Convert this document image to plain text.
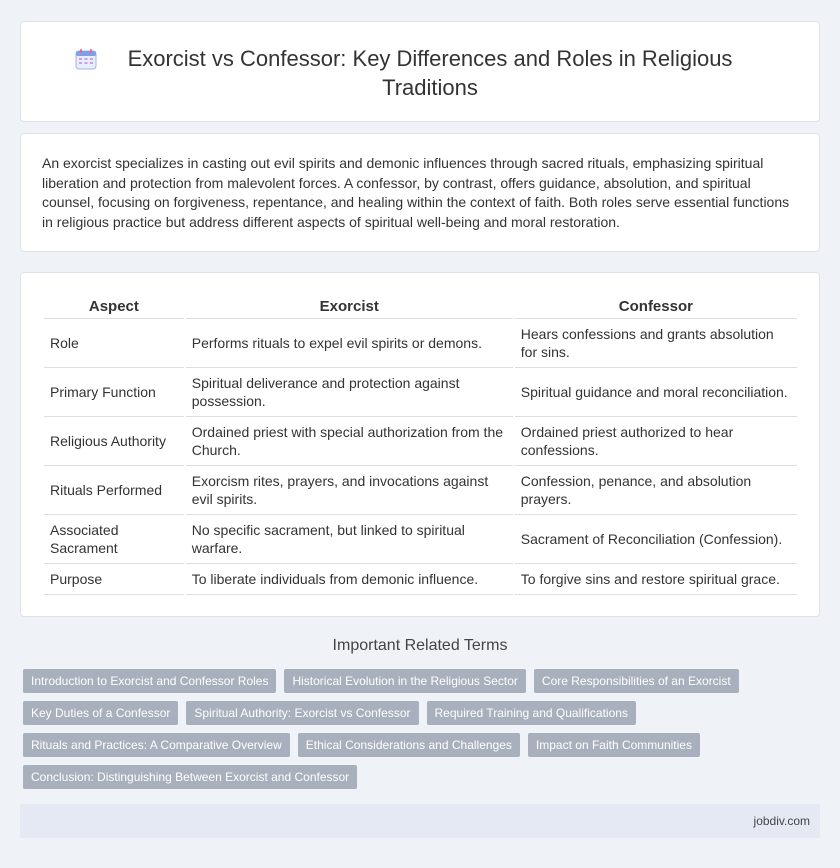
Exorcist vs Confessor: Key Differences and Roles in Religious Traditions

An exorcist specializes in casting out evil spirits and demonic influences through sacred rituals, emphasizing spiritual liberation and protection from malevolent forces. A confessor, by contrast, offers guidance, absolution, and spiritual counsel, focusing on forgiveness, repentance, and healing within the context of faith. Both roles serve essential functions in religious practice but address different aspects of spiritual well-being and moral restoration.

Aspect	Exorcist	Confessor
Role	Performs rituals to expel evil spirits or demons.	Hears confessions and grants absolution for sins.
Primary Function	Spiritual deliverance and protection against possession.	Spiritual guidance and moral reconciliation.
Religious Authority	Ordained priest with special authorization from the Church.	Ordained priest authorized to hear confessions.
Rituals Performed	Exorcism rites, prayers, and invocations against evil spirits.	Confession, penance, and absolution prayers.
Associated Sacrament	No specific sacrament, but linked to spiritual warfare.	Sacrament of Reconciliation (Confession).
Purpose	To liberate individuals from demonic influence.	To forgive sins and restore spiritual grace.
Important Related Terms
Introduction to Exorcist and Confessor Roles	Historical Evolution in the Religious Sector	Core Responsibilities of an Exorcist
Key Duties of a Confessor	Spiritual Authority: Exorcist vs Confessor	Required Training and Qualifications
Rituals and Practices: A Comparative Overview	Ethical Considerations and Challenges	Impact on Faith Communities
Conclusion: Distinguishing Between Exorcist and Confessor
jobdiv.com
